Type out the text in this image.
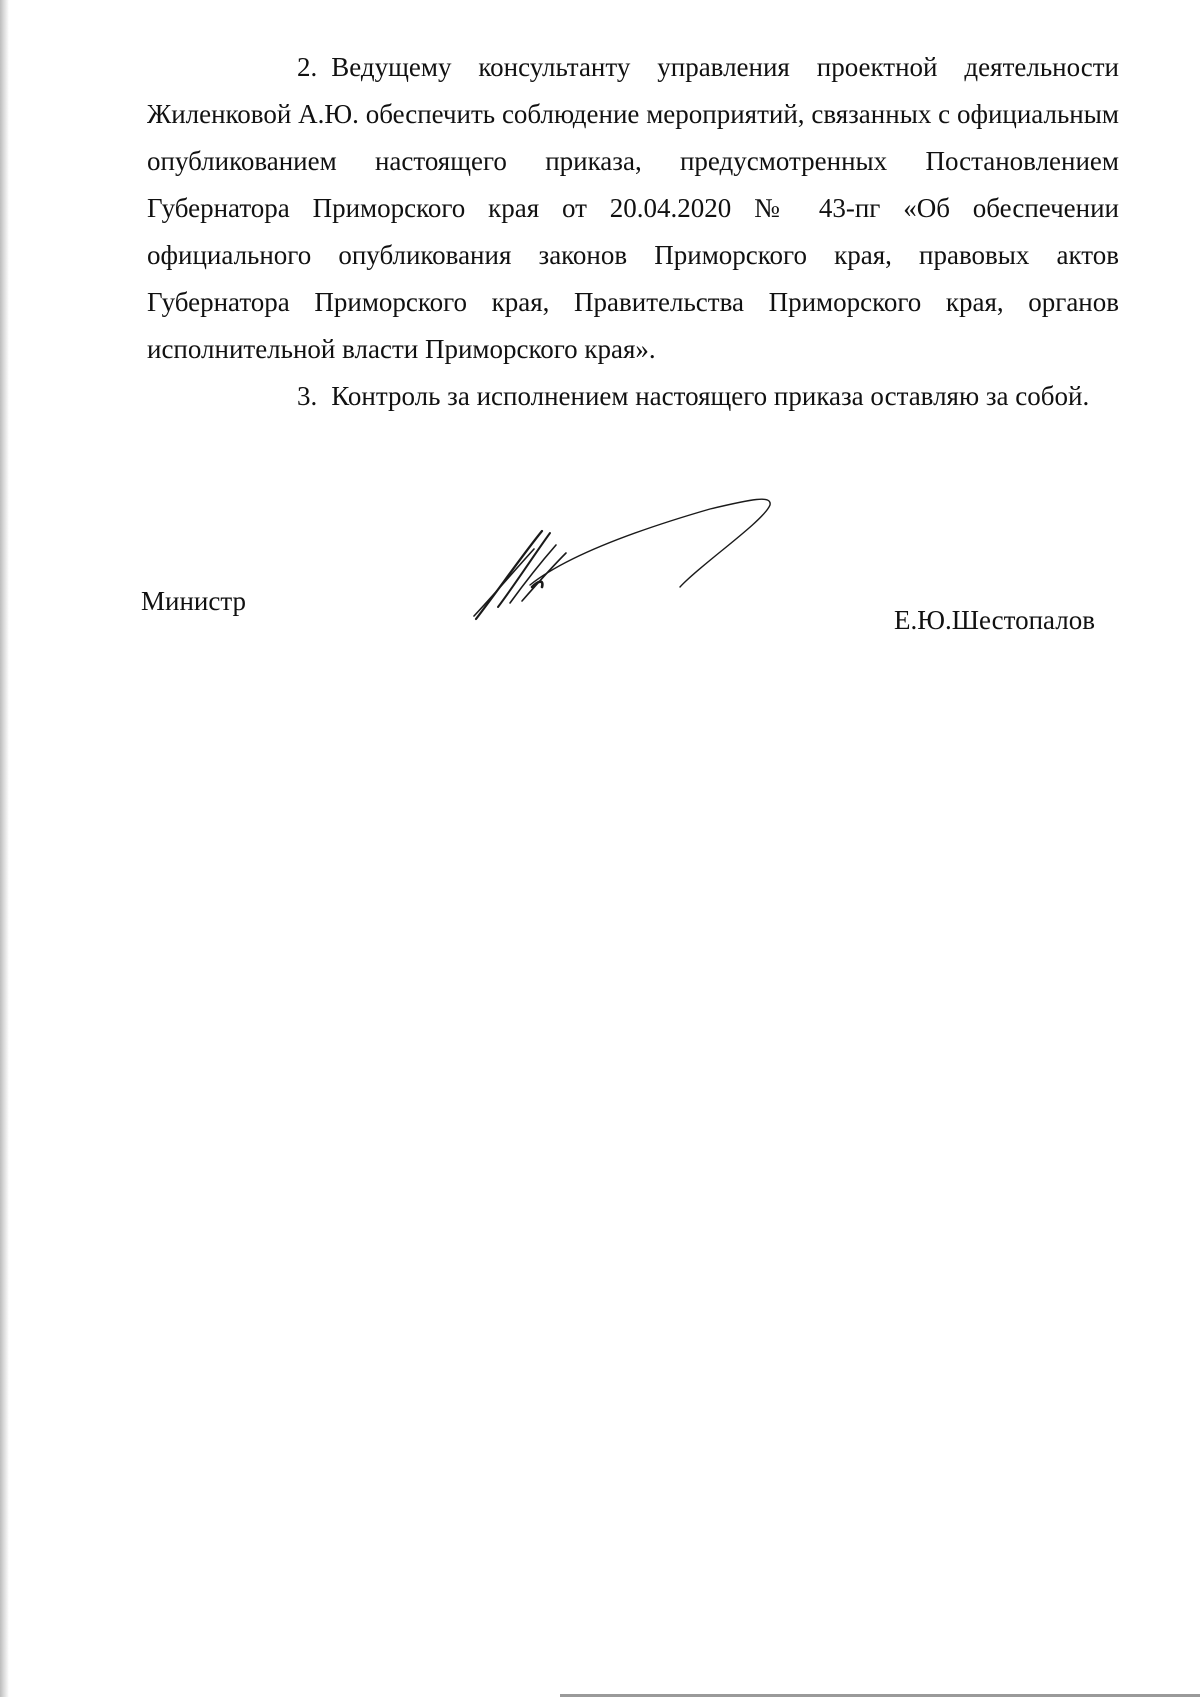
2. Ведущему консультанту управления проектной деятельности Жиленковой А.Ю. обеспечить соблюдение мероприятий, связанных с официальным опубликованием настоящего приказа, предусмотренных Постановлением Губернатора Приморского края от 20.04.2020 № 43-пг «Об обеспечении официального опубликования законов Приморского края, правовых актов Губернатора Приморского края, Правительства Приморского края, органов исполнительной власти Приморского края».

3. Контроль за исполнением настоящего приказа оставляю за собой.

Министр
Е.Ю.Шестопалов
